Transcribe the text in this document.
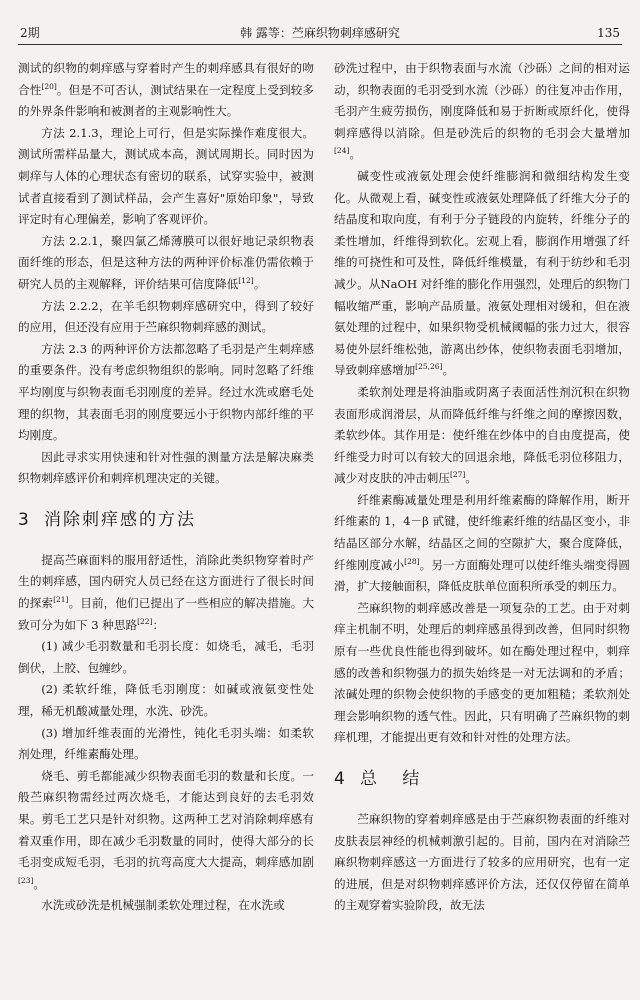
2期	韩 露等：苎麻织物刺痒感研究	135

测试的织物的刺痒感与穿着时产生的刺痒感具有很好的吻合性[20]。但是不可否认，测试结果在一定程度上受到较多的外界条件影响和被测者的主观影响性大。

方法 2.1.3，理论上可行，但是实际操作难度很大。测试所需样品量大，测试成本高，测试周期长。同时因为刺痒与人体的心理状态有密切的联系，试穿实验中，被测试者直接看到了测试样品，会产生喜好"原始印象"，导致评定时有心理偏差，影响了客观评价。

方法 2.2.1，聚四氯乙烯薄膜可以很好地记录织物表面纤维的形态，但是这种方法的两种评价标准仍需依赖于研究人员的主观解释，评价结果可信度降低[12]。

方法 2.2.2，在羊毛织物刺痒感研究中，得到了较好的应用，但还没有应用于苎麻织物刺痒感的测试。

方法 2.3 的两种评价方法都忽略了毛羽是产生刺痒感的重要条件。没有考虑织物组织的影响。同时忽略了纤维平均刚度与织物表面毛羽刚度的差异。经过水洗或磨毛处理的织物，其表面毛羽的刚度要远小于织物内部纤维的平均刚度。

因此寻求实用快速和针对性强的测量方法是解决麻类织物刺痒感评价和刺痒机理决定的关键。

3 消除刺痒感的方法

提高苎麻面料的服用舒适性，消除此类织物穿着时产生的刺痒感，国内研究人员已经在这方面进行了很长时间的探索[21]。目前，他们已提出了一些相应的解决措施。大致可分为如下 3 种思路[22]：

(1) 减少毛羽数量和毛羽长度：如烧毛，减毛，毛羽倒伏，上胶、包缠纱。
(2) 柔软纤维，降低毛羽刚度：如碱或液氨变性处理，稀无机酸减量处理，水洗、砂洗。
(3) 增加纤维表面的光滑性，钝化毛羽头端：如柔软剂处理，纤维素酶处理。

烧毛、剪毛都能减少织物表面毛羽的数量和长度。一般苎麻织物需经过两次烧毛，才能达到良好的去毛羽效果。剪毛工艺只是针对织物。这两种工艺对消除刺痒感有着双重作用，即在减少毛羽数量的同时，使得大部分的长毛羽变成短毛羽，毛羽的抗弯高度大大提高，刺痒感加剧[23]。

水洗或砂洗是机械强制柔软处理过程，在水洗或

砂洗过程中，由于织物表面与水流（沙砾）之间的相对运动，织物表面的毛羽受到水流（沙砾）的往复冲击作用，毛羽产生疲劳损伤，刚度降低和易于折断或原纤化，使得刺痒感得以消除。但是砂洗后的织物的毛羽会大量增加[24]。

碱变性或液氨处理会使纤维膨润和微细结构发生变化。从微观上看，碱变性或液氨处理降低了纤维大分子的结晶度和取向度，有利于分子链段的内旋转，纤维分子的柔性增加，纤维得到软化。宏观上看，膨润作用增强了纤维的可挠性和可及性，降低纤维模量，有利于纺纱和毛羽减少。从NaOH 对纤维的膨化作用强烈，处理后的织物门幅收缩严重，影响产品质量。液氨处理相对缓和，但在液氨处理的过程中，如果织物受机械阈幅的张力过大，很容易使外层纤维松弛，游离出纱体，使织物表面毛羽增加，导致刺痒感增加[25,26]。

柔软剂处理是将油脂或阴离子表面活性剂沉积在织物表面形成润滑层，从而降低纤维与纤维之间的摩擦因数，柔软纱体。其作用是：使纤维在纱体中的自由度提高，使纤维受力时可以有较大的回退余地，降低毛羽位移阻力，减少对皮肤的冲击刺压[27]。

纤维素酶减量处理是利用纤维素酶的降解作用，断开纤维素的 1，4－β 甙键，使纤维素纤维的结晶区变小，非结晶区部分水解，结晶区之间的空隙扩大，聚合度降低，纤维刚度减小[28]。另一方面酶处理可以使纤维头端变得圆滑，扩大接触面积，降低皮肤单位面积所承受的刺压力。

苎麻织物的刺痒感改善是一项复杂的工艺。由于对刺痒主机制不明，处理后的刺痒感虽得到改善，但同时织物原有一些优良性能也得到破坏。如在酶处理过程中，刺痒感的改善和织物强力的损失始终是一对无法调和的矛盾；浓碱处理的织物会使织物的手感变的更加粗糙；柔软剂处理会影响织物的透气性。因此，只有明确了苎麻织物的刺痒机理，才能提出更有效和针对性的处理方法。

4 总 结

苎麻织物的穿着刺痒感是由于苎麻织物表面的纤维对皮肤表层神经的机械刺激引起的。目前，国内在对消除苎麻织物刺痒感这一方面进行了较多的应用研究，也有一定的进展，但是对织物刺痒感评价方法，还仅仅停留在简单的主观穿着实验阶段，故无法
